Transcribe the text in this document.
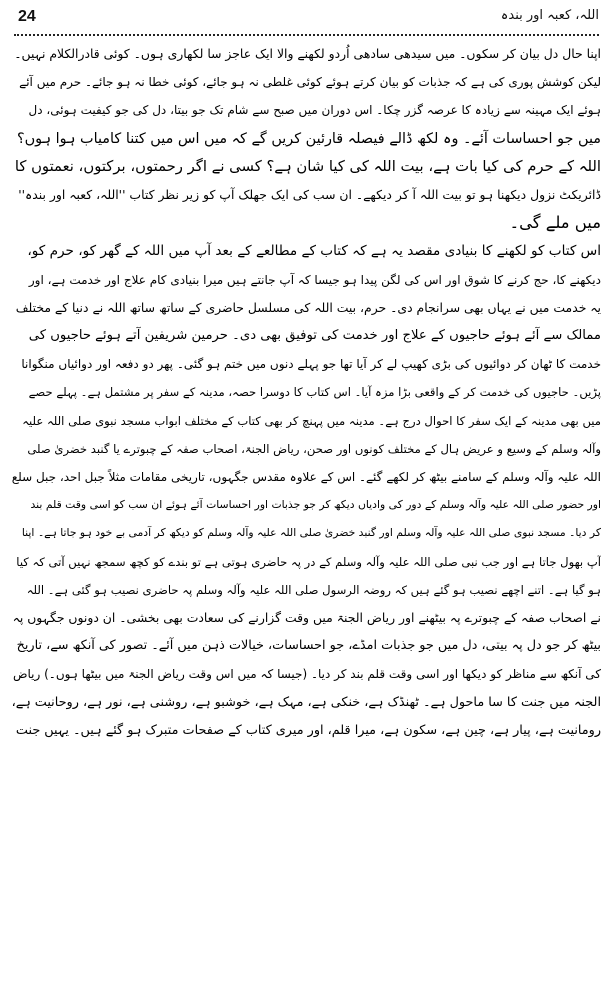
24	اللہ، کعبہ اور بندہ

اپنا حال دل بیان کر سکوں۔ میں سیدھی سادھی اُردو لکھنے والا ایک عاجز سا لکھاری ہوں۔ کوئی قادرالکلام نہیں۔
لیکن کوشش پوری کی ہے کہ جذبات کو بیان کرتے ہوئے کوئی غلطی نہ ہو جائے، کوئی خطا نہ ہو جائے۔ حرم میں آئے
ہوئے ایک مہینہ سے زیادہ کا عرصہ گزر چکا۔ اس دوران میں صبح سے شام تک جو بیتا، دل کی جو کیفیت ہوئی، دل
میں جو احساسات آئے۔ وہ لکھ ڈالے فیصلہ قارئین کریں گے کہ میں اس میں کتنا کامیاب ہوا ہوں؟

اللہ کے حرم کی کیا بات ہے، بیت اللہ کی کیا شان ہے؟ کسی نے اگر رحمتوں، برکتوں، نعمتوں کا
ڈائریکٹ نزول دیکھنا ہو تو بیت اللہ آ کر دیکھے۔ ان سب کی ایک جھلک آپ کو زیر نظر کتاب ''اللہ، کعبہ اور بندہ''
میں ملے گی۔

اس کتاب کو لکھنے کا بنیادی مقصد یہ ہے کہ کتاب کے مطالعے کے بعد آپ میں اللہ کے گھر کو، حرم کو،
دیکھنے کا، حج کرنے کا شوق اور اس کی لگن پیدا ہو جیسا کہ آپ جانتے ہیں میرا بنیادی کام علاج اور خدمت ہے، اور
یہ خدمت میں نے یہاں بھی سرانجام دی۔ حرم، بیت اللہ کی مسلسل حاضری کے ساتھ ساتھ اللہ نے دنیا کے مختلف
ممالک سے آئے ہوئے حاجیوں کے علاج اور خدمت کی توفیق بھی دی۔ حرمین شریفین آتے ہوئے حاجیوں کی
خدمت کا ٹھان کر دوائیوں کی بڑی کھیپ لے کر آیا تھا جو پہلے دنوں میں ختم ہو گئی۔ پھر دو دفعہ اور دوائیاں منگوانا
پڑیں۔ حاجیوں کی خدمت کر کے واقعی بڑا مزہ آیا۔ اس کتاب کا دوسرا حصہ، مدینہ کے سفر پر مشتمل ہے۔ پہلے حصے
میں بھی مدینہ کے ایک سفر کا احوال درج ہے۔ مدینہ میں پہنچ کر بھی کتاب کے مختلف ابواب مسجد نبوی صلی اللہ علیہ
وآلہ وسلم کے وسیع و عریض ہال کے مختلف کونوں اور صحن، ریاض الجنۃ، اصحاب صفہ کے چبوترے یا گنبد خضریٰ صلی
اللہ علیہ وآلہ وسلم کے سامنے بیٹھ کر لکھے گئے۔ اس کے علاوہ مقدس جگہوں، تاریخی مقامات مثلاً جبل احد، جبل سلع
اور حضور صلی اللہ علیہ وآلہ وسلم کے دور کی وادیاں دیکھ کر جو جذبات اور احساسات آئے ہوئے ان سب کو اسی وقت قلم بند
کر دیا۔ مسجد نبوی صلی اللہ علیہ وآلہ وسلم اور گنبد خضریٰ صلی اللہ علیہ وآلہ وسلم کو دیکھ کر آدمی بے خود ہو جاتا ہے۔ اپنا
آپ بھول جاتا ہے اور جب نبی صلی اللہ علیہ وآلہ وسلم کے در پہ حاضری ہوتی ہے تو بندے کو کچھ سمجھ نہیں آتی کہ کیا
ہو گیا ہے۔ اتنے اچھے نصیب ہو گئے ہیں کہ روضہ الرسول صلی اللہ علیہ وآلہ وسلم پہ حاضری نصیب ہو گئی ہے۔ اللہ
نے اصحاب صفہ کے چبوترے پہ بیٹھنے اور ریاض الجنۃ میں وقت گزارنے کی سعادت بھی بخشی۔ ان دونوں جگہوں پہ
بیٹھ کر جو دل پہ بیتی، دل میں جو جذبات امڈے، جو احساسات، خیالات ذہن میں آئے۔ تصور کی آنکھ سے، تاریخ
کی آنکھ سے مناظر کو دیکھا اور اسی وقت قلم بند کر دیا۔ (جیسا کہ میں اس وقت ریاض الجنۃ میں بیٹھا ہوں۔) ریاض
الجنہ میں جنت کا سا ماحول ہے۔ ٹھنڈک ہے، خنکی ہے، مہک ہے، خوشبو ہے، روشنی ہے، نور ہے، روحانیت ہے،
رومانیت ہے، پیار ہے، چین ہے، سکون ہے، میرا قلم، اور میری کتاب کے صفحات متبرک ہو گئے ہیں۔ یہیں جنت
